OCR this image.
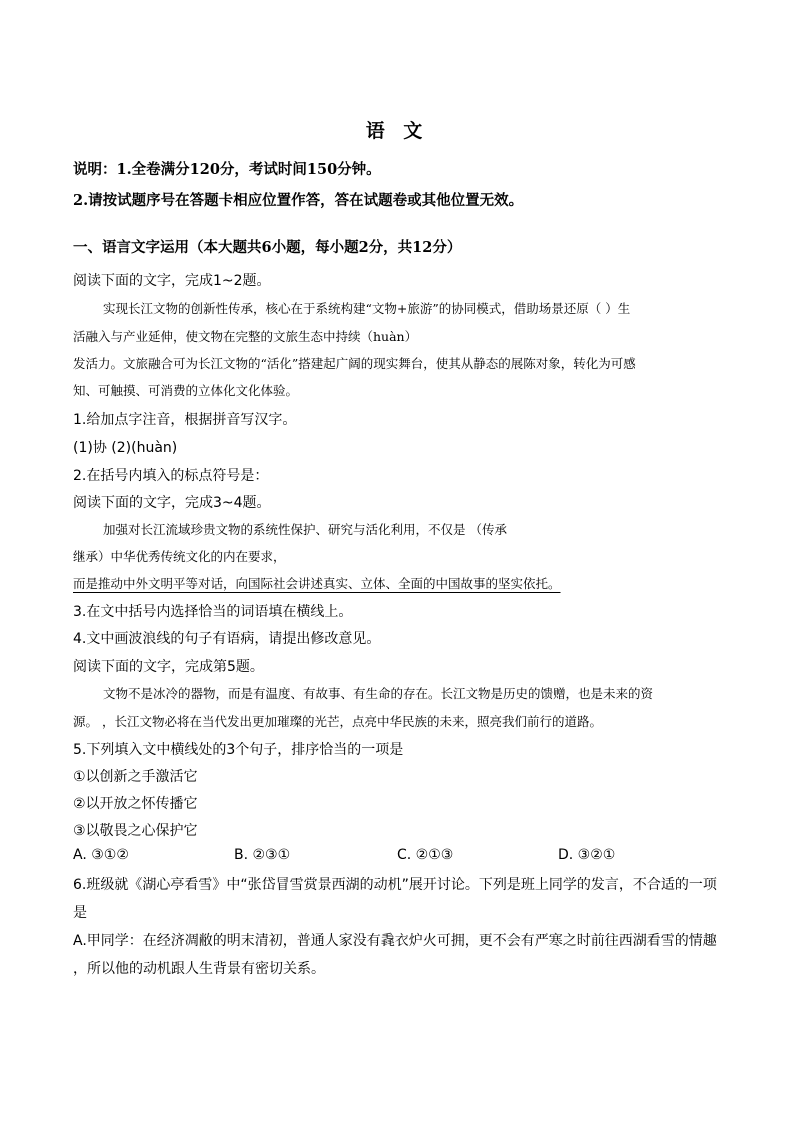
语 文
说明：1.全卷满分120分，考试时间150分钟。
2.请按试题序号在答题卡相应位置作答，答在试题卷或其他位置无效。
一、语言文字运用（本大题共6小题，每小题2分，共12分）
阅读下面的文字，完成1~2题。
实现长江文物的创新性传承，核心在于系统构建“文物+旅游”的协同模式，借助场景还原（ ）生
活融入与产业延伸，使文物在完整的文旅生态中持续（huàn）
发活力。文旅融合可为长江文物的“活化”搭建起广阔的现实舞台，使其从静态的展陈对象，转化为可感
知、可触摸、可消费的立体化文化体验。
1.给加点字注音，根据拼音写汉字。
(1)协 (2)(huàn)
2.在括号内填入的标点符号是：
阅读下面的文字，完成3~4题。
加强对长江流域珍贵文物的系统性保护、研究与活化利用，不仅是 （传承
继承）中华优秀传统文化的内在要求，
而是推动中外文明平等对话，向国际社会讲述真实、立体、全面的中国故事的坚实依托。
3.在文中括号内选择恰当的词语填在横线上。
4.文中画波浪线的句子有语病，请提出修改意见。
阅读下面的文字，完成第5题。
文物不是冰冷的器物，而是有温度、有故事、有生命的存在。长江文物是历史的馈赠，也是未来的资
源。 ，长江文物必将在当代发出更加璀璨的光芒，点亮中华民族的未来，照亮我们前行的道路。
5.下列填入文中横线处的3个句子，排序恰当的一项是
①以创新之手激活它
②以开放之怀传播它
③以敬畏之心保护它
A. ③①②	B. ②③①	C. ②①③	D. ③②①
6.班级就《湖心亭看雪》中“张岱冒雪赏景西湖的动机”展开讨论。下列是班上同学的发言，不合适的一项
是
A.甲同学：在经济凋敝的明末清初，普通人家没有毳衣炉火可拥，更不会有严寒之时前往西湖看雪的情趣
，所以他的动机跟人生背景有密切关系。
